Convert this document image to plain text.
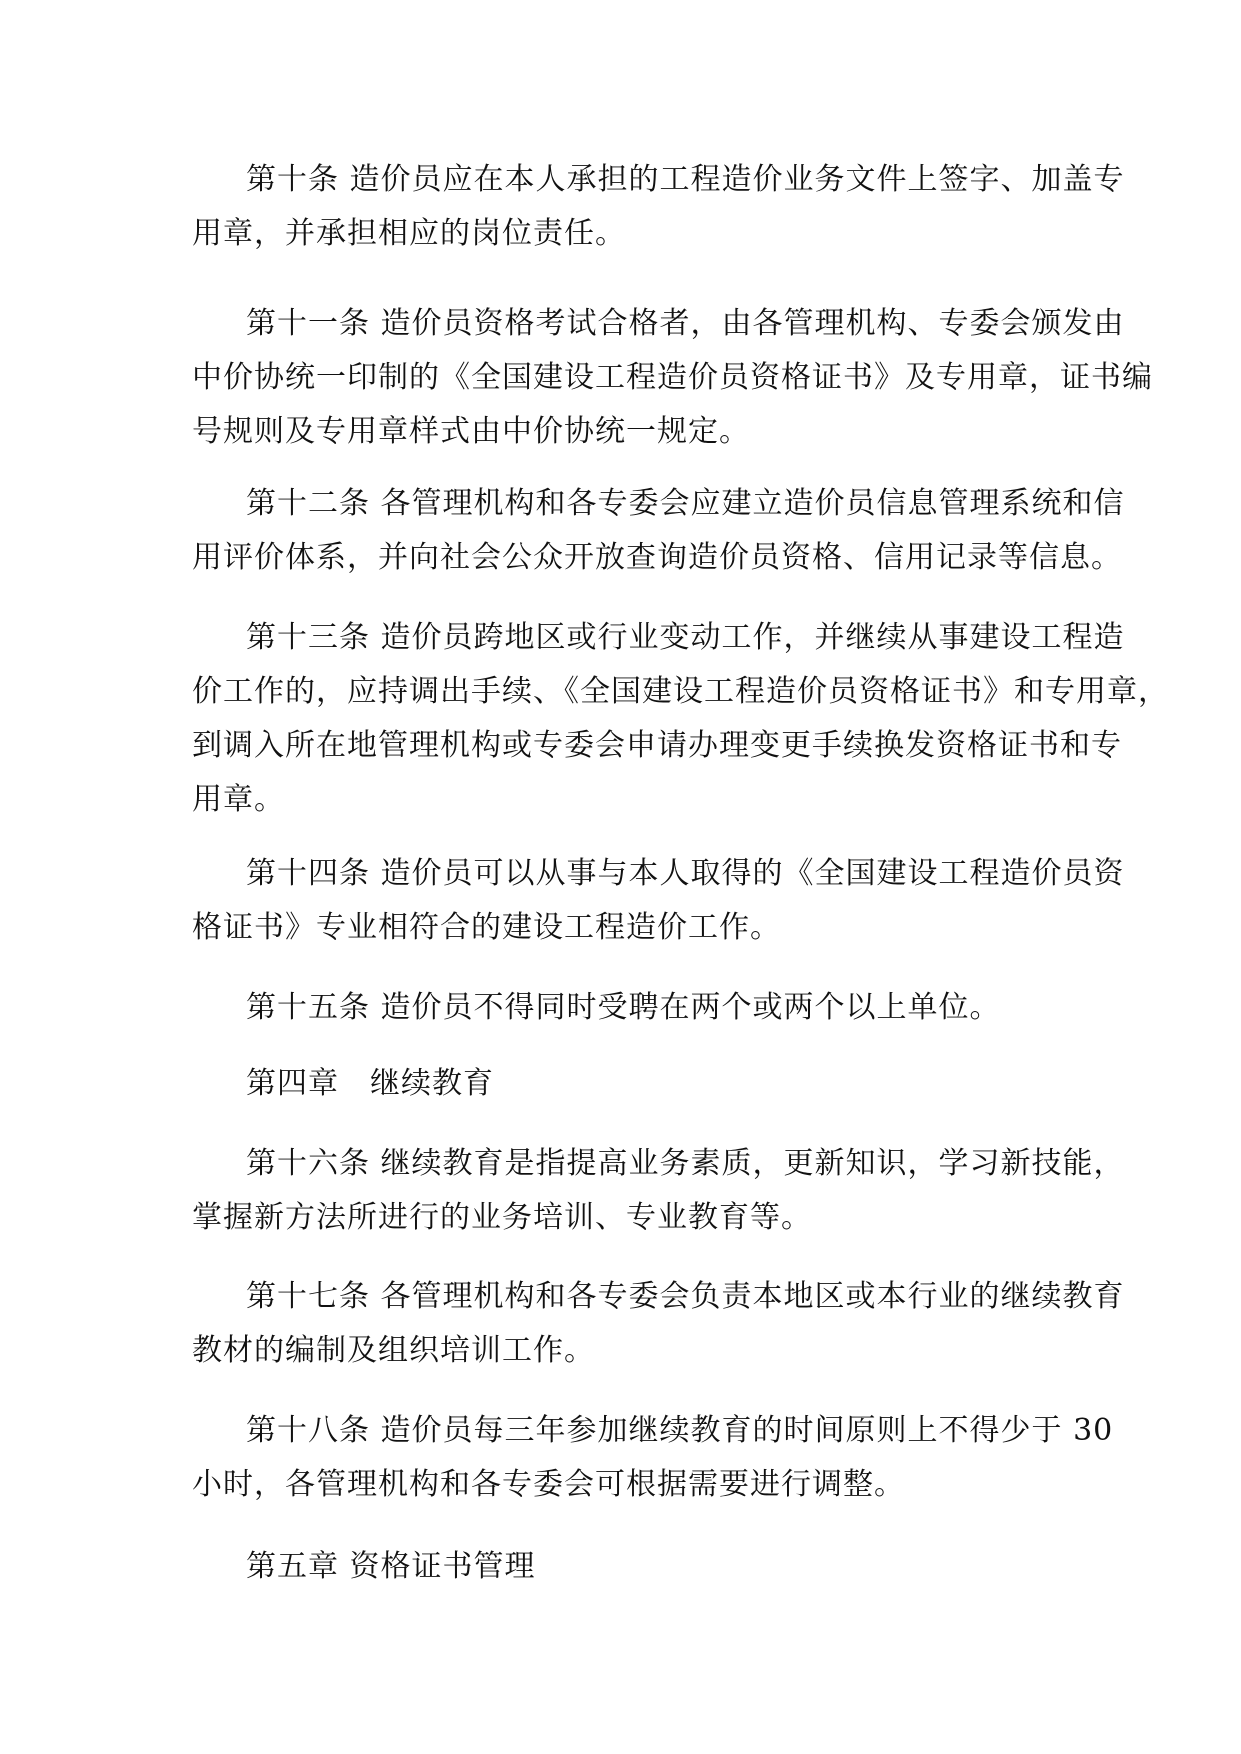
第十条 造价员应在本人承担的工程造价业务文件上签字、加盖专
用章，并承担相应的岗位责任。

第十一条 造价员资格考试合格者，由各管理机构、专委会颁发由
中价协统一印制的《全国建设工程造价员资格证书》及专用章，证书编
号规则及专用章样式由中价协统一规定。

第十二条 各管理机构和各专委会应建立造价员信息管理系统和信
用评价体系，并向社会公众开放查询造价员资格、信用记录等信息。

第十三条 造价员跨地区或行业变动工作，并继续从事建设工程造
价工作的，应持调出手续、《全国建设工程造价员资格证书》和专用章，
到调入所在地管理机构或专委会申请办理变更手续换发资格证书和专
用章。

第十四条 造价员可以从事与本人取得的《全国建设工程造价员资
格证书》专业相符合的建设工程造价工作。

第十五条 造价员不得同时受聘在两个或两个以上单位。

第四章　继续教育

第十六条 继续教育是指提高业务素质，更新知识，学习新技能，
掌握新方法所进行的业务培训、专业教育等。

第十七条 各管理机构和各专委会负责本地区或本行业的继续教育
教材的编制及组织培训工作。

第十八条 造价员每三年参加继续教育的时间原则上不得少于 30
小时，各管理机构和各专委会可根据需要进行调整。

第五章 资格证书管理
